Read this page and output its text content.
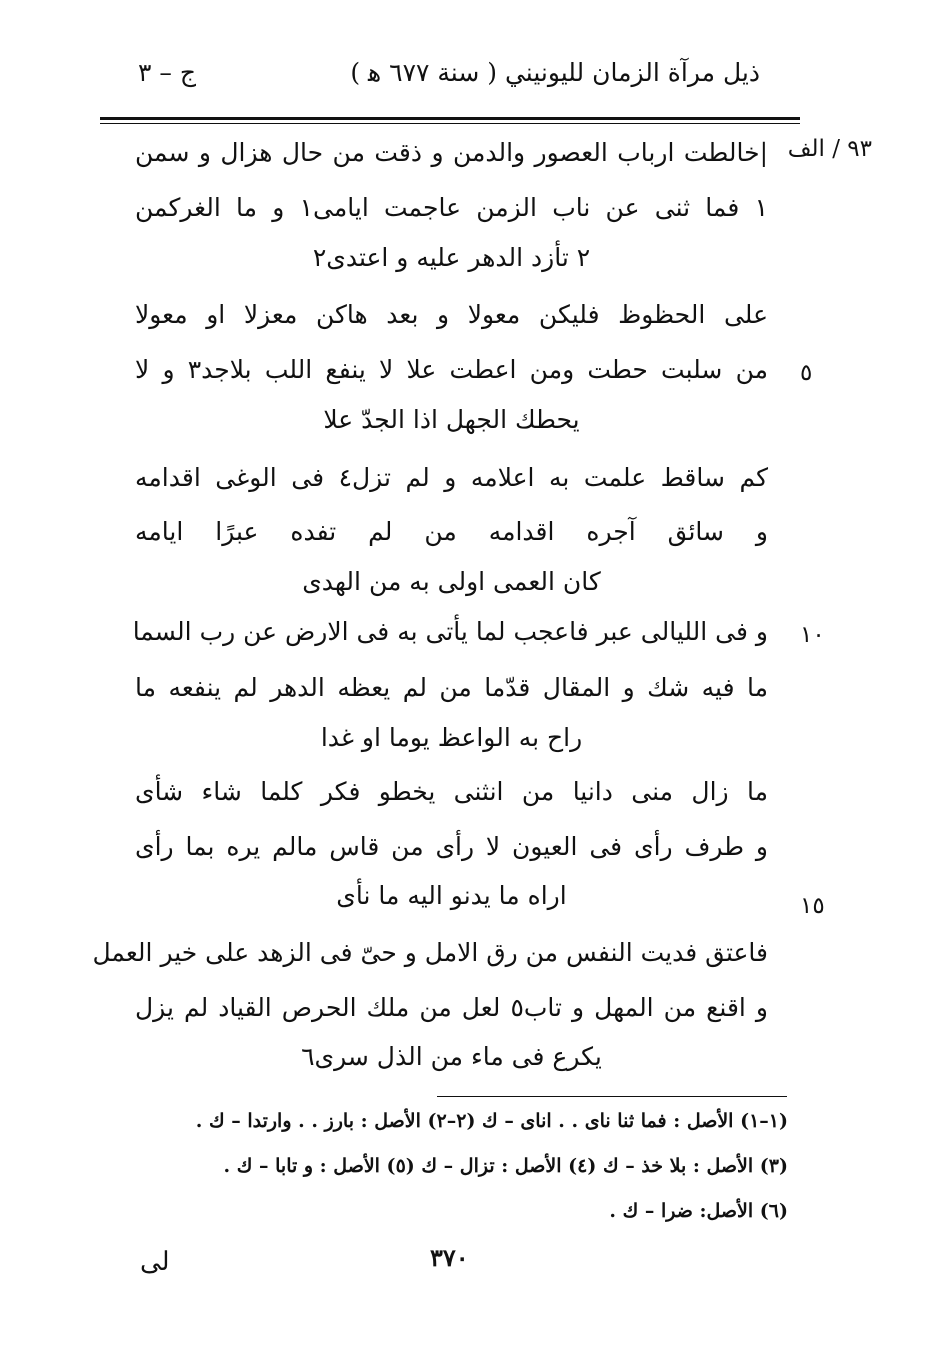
ذيل مرآة الزمان لليونيني ( سنة ٦٧٧ ﻫ )
ج – ٣
٩٣ / الف
٥
١٠
١٥
|خالطت ارباب العصور والدمن و ذقت من حال هزال و سمن
١ فما ثنى عن ناب الزمن عاجمت ايامى١ و ما الغركمن
٢ تأزد الدهر عليه و اعتدى٢
علی الحظوظ فليكن معولا و بعد هاكن معزلا او معولا
من سلبت حطت ومن اعطت علا لا ينفع اللب بلاجد٣ و لا
يحطك الجهل اذا الجدّ علا
كم ساقط علمت به اعلامه و لم تزل٤ فى الوغى اقدامه
و سائق آجره اقدامه من لم تفده عبرًا ايامه
كان العمى اولى به من الهدى
و فى الليالى عبر فاعجب لما يأتى به فى الارض عن رب السما
ما فيه شك و المقال قدّما من لم يعظه الدهر لم ينفعه ما
راح به الواعظ يوما او غدا
ما زال منى دانيا من انثنى يخطو فكر كلما شاء شأى
و طرف رأى فى العيون لا رأى من قاس مالم يره بما رأى
اراه ما يدنو اليه ما نأى
فاعتق فديت النفس من رق الامل و حىّ فى الزهد على خير العمل
و اقنع من المهل و تاب٥ لعل من ملك الحرص القياد لم يزل
يكرع فى ماء من الذل سرى٦
(١–١) الأصل : فما ثنا نای . . انای – ك (٢–٢) الأصل : بارز . . وارتدا – ك .
(٣) الأصل : بلا خذ – ك (٤) الأصل : تزال – ك (٥) الأصل : و تابا – ك .
(٦) الأصل: ضرا – ك .
٣٧٠
لى
